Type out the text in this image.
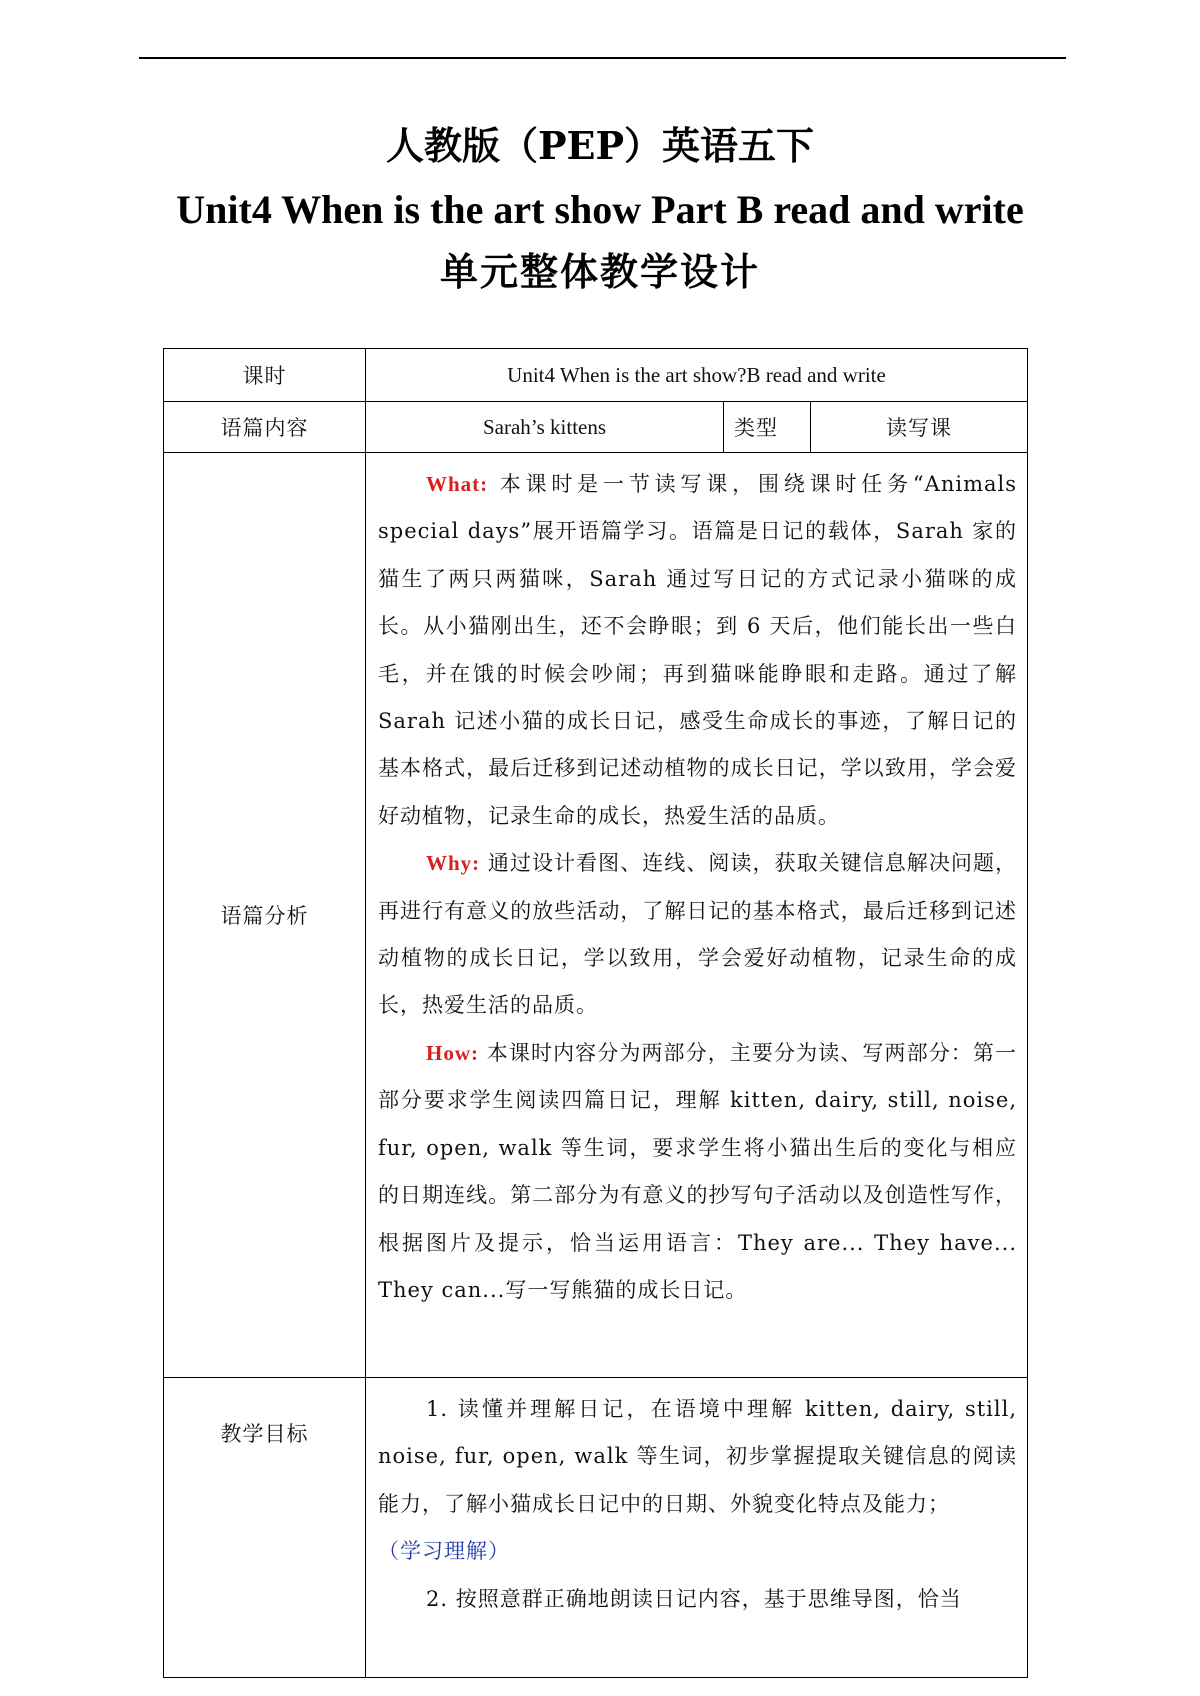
人教版（PEP）英语五下
Unit4 When is the art show Part B read and write
单元整体教学设计
课时	Unit4 When is the art show?B read and write		
语篇内容	Sarah’s kittens	类型	读写课
语篇分析	What: 本课时是一节读写课，围绕课时任务“Animals special days”展开语篇学习。语篇是日记的载体，Sarah 家的猫生了两只两猫咪，Sarah 通过写日记的方式记录小猫咪的成长。从小猫刚出生，还不会睁眼；到 6 天后，他们能长出一些白毛，并在饿的时候会吵闹；再到猫咪能睁眼和走路。通过了解 Sarah 记述小猫的成长日记，感受生命成长的事迹，了解日记的基本格式，最后迁移到记述动植物的成长日记，学以致用，学会爱好动植物，记录生命的成长，热爱生活的品质。

Why: 通过设计看图、连线、阅读，获取关键信息解决问题，再进行有意义的放些活动，了解日记的基本格式，最后迁移到记述动植物的成长日记，学以致用，学会爱好动植物，记录生命的成长，热爱生活的品质。

How: 本课时内容分为两部分，主要分为读、写两部分：第一部分要求学生阅读四篇日记，理解 kitten, dairy, still, noise, fur, open, walk 等生词，要求学生将小猫出生后的变化与相应的日期连线。第二部分为有意义的抄写句子活动以及创造性写作，根据图片及提示，恰当运用语言：They are... They have... They can...写一写熊猫的成长日记。		

教学目标	1. 读懂并理解日记，在语境中理解 kitten, dairy, still, noise, fur, open, walk 等生词，初步掌握提取关键信息的阅读能力，了解小猫成长日记中的日期、外貌变化特点及能力；

（学习理解）

2. 按照意群正确地朗读日记内容，基于思维导图，恰当		
